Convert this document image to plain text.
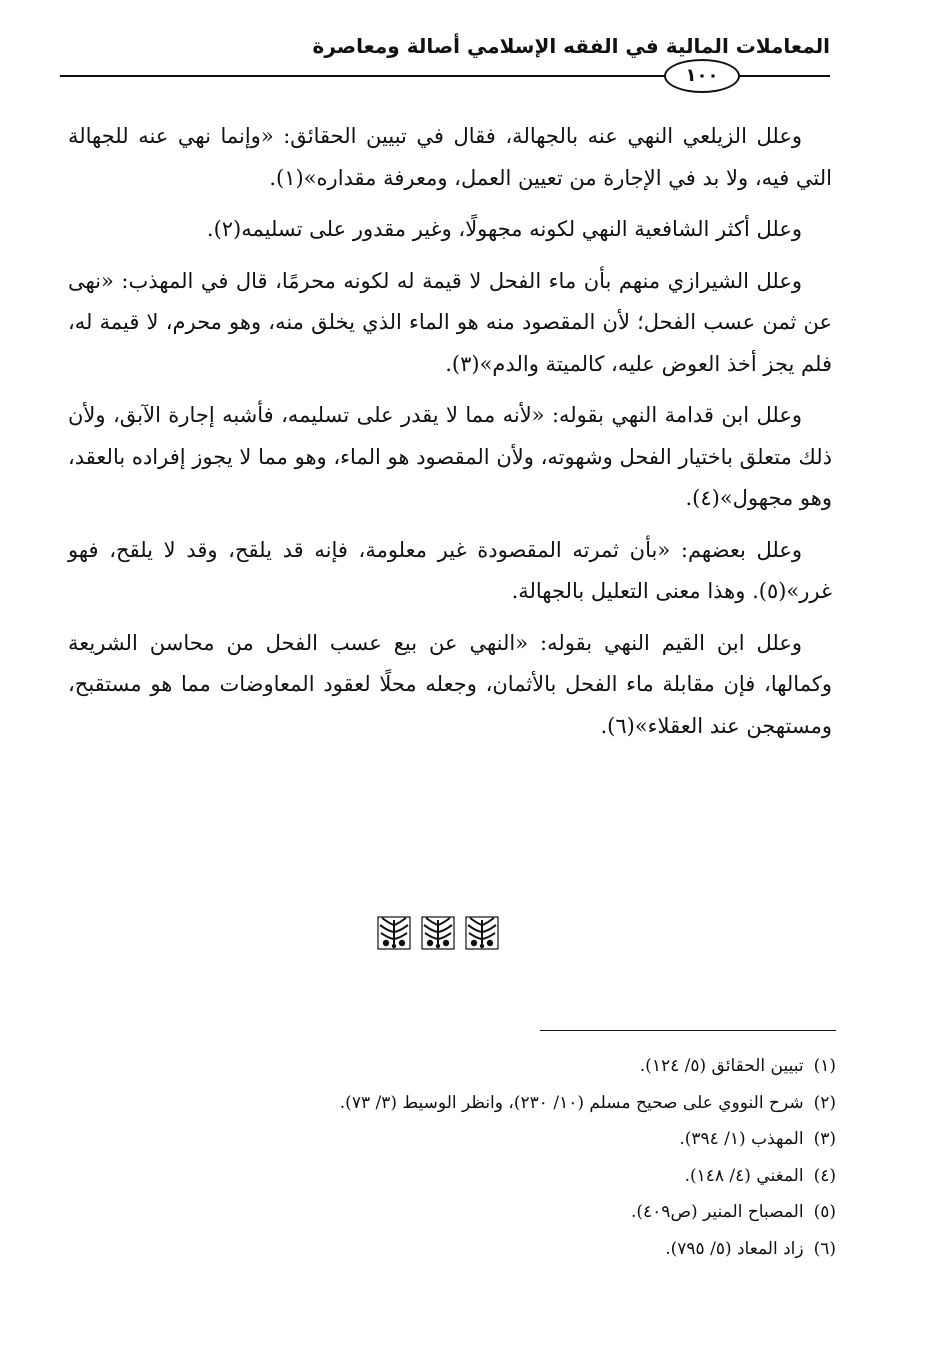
المعاملات المالية في الفقه الإسلامي أصالة ومعاصرة
١٠٠

وعلل الزيلعي النهي عنه بالجهالة، فقال في تبيين الحقائق: «وإنما نهي عنه للجهالة التي فيه، ولا بد في الإجارة من تعيين العمل، ومعرفة مقداره»(١).

وعلل أكثر الشافعية النهي لكونه مجهولًا، وغير مقدور على تسليمه(٢).

وعلل الشيرازي منهم بأن ماء الفحل لا قيمة له لكونه محرمًا، قال في المهذب: «نهى عن ثمن عسب الفحل؛ لأن المقصود منه هو الماء الذي يخلق منه، وهو محرم، لا قيمة له، فلم يجز أخذ العوض عليه، كالميتة والدم»(٣).

وعلل ابن قدامة النهي بقوله: «لأنه مما لا يقدر على تسليمه، فأشبه إجارة الآبق، ولأن ذلك متعلق باختيار الفحل وشهوته، ولأن المقصود هو الماء، وهو مما لا يجوز إفراده بالعقد، وهو مجهول»(٤).

وعلل بعضهم: «بأن ثمرته المقصودة غير معلومة، فإنه قد يلقح، وقد لا يلقح، فهو غرر»(٥). وهذا معنى التعليل بالجهالة.

وعلل ابن القيم النهي بقوله: «النهي عن بيع عسب الفحل من محاسن الشريعة وكمالها، فإن مقابلة ماء الفحل بالأثمان، وجعله محلًا لعقود المعاوضات مما هو مستقبح، ومستهجن عند العقلاء»(٦).

(١)تبيين الحقائق (٥/ ١٢٤).
(٢)شرح النووي على صحيح مسلم (١٠/ ٢٣٠)، وانظر الوسيط (٣/ ٧٣).
(٣)المهذب (١/ ٣٩٤).
(٤)المغني (٤/ ١٤٨).
(٥)المصباح المنير (ص٤٠٩).
(٦)زاد المعاد (٥/ ٧٩٥).
